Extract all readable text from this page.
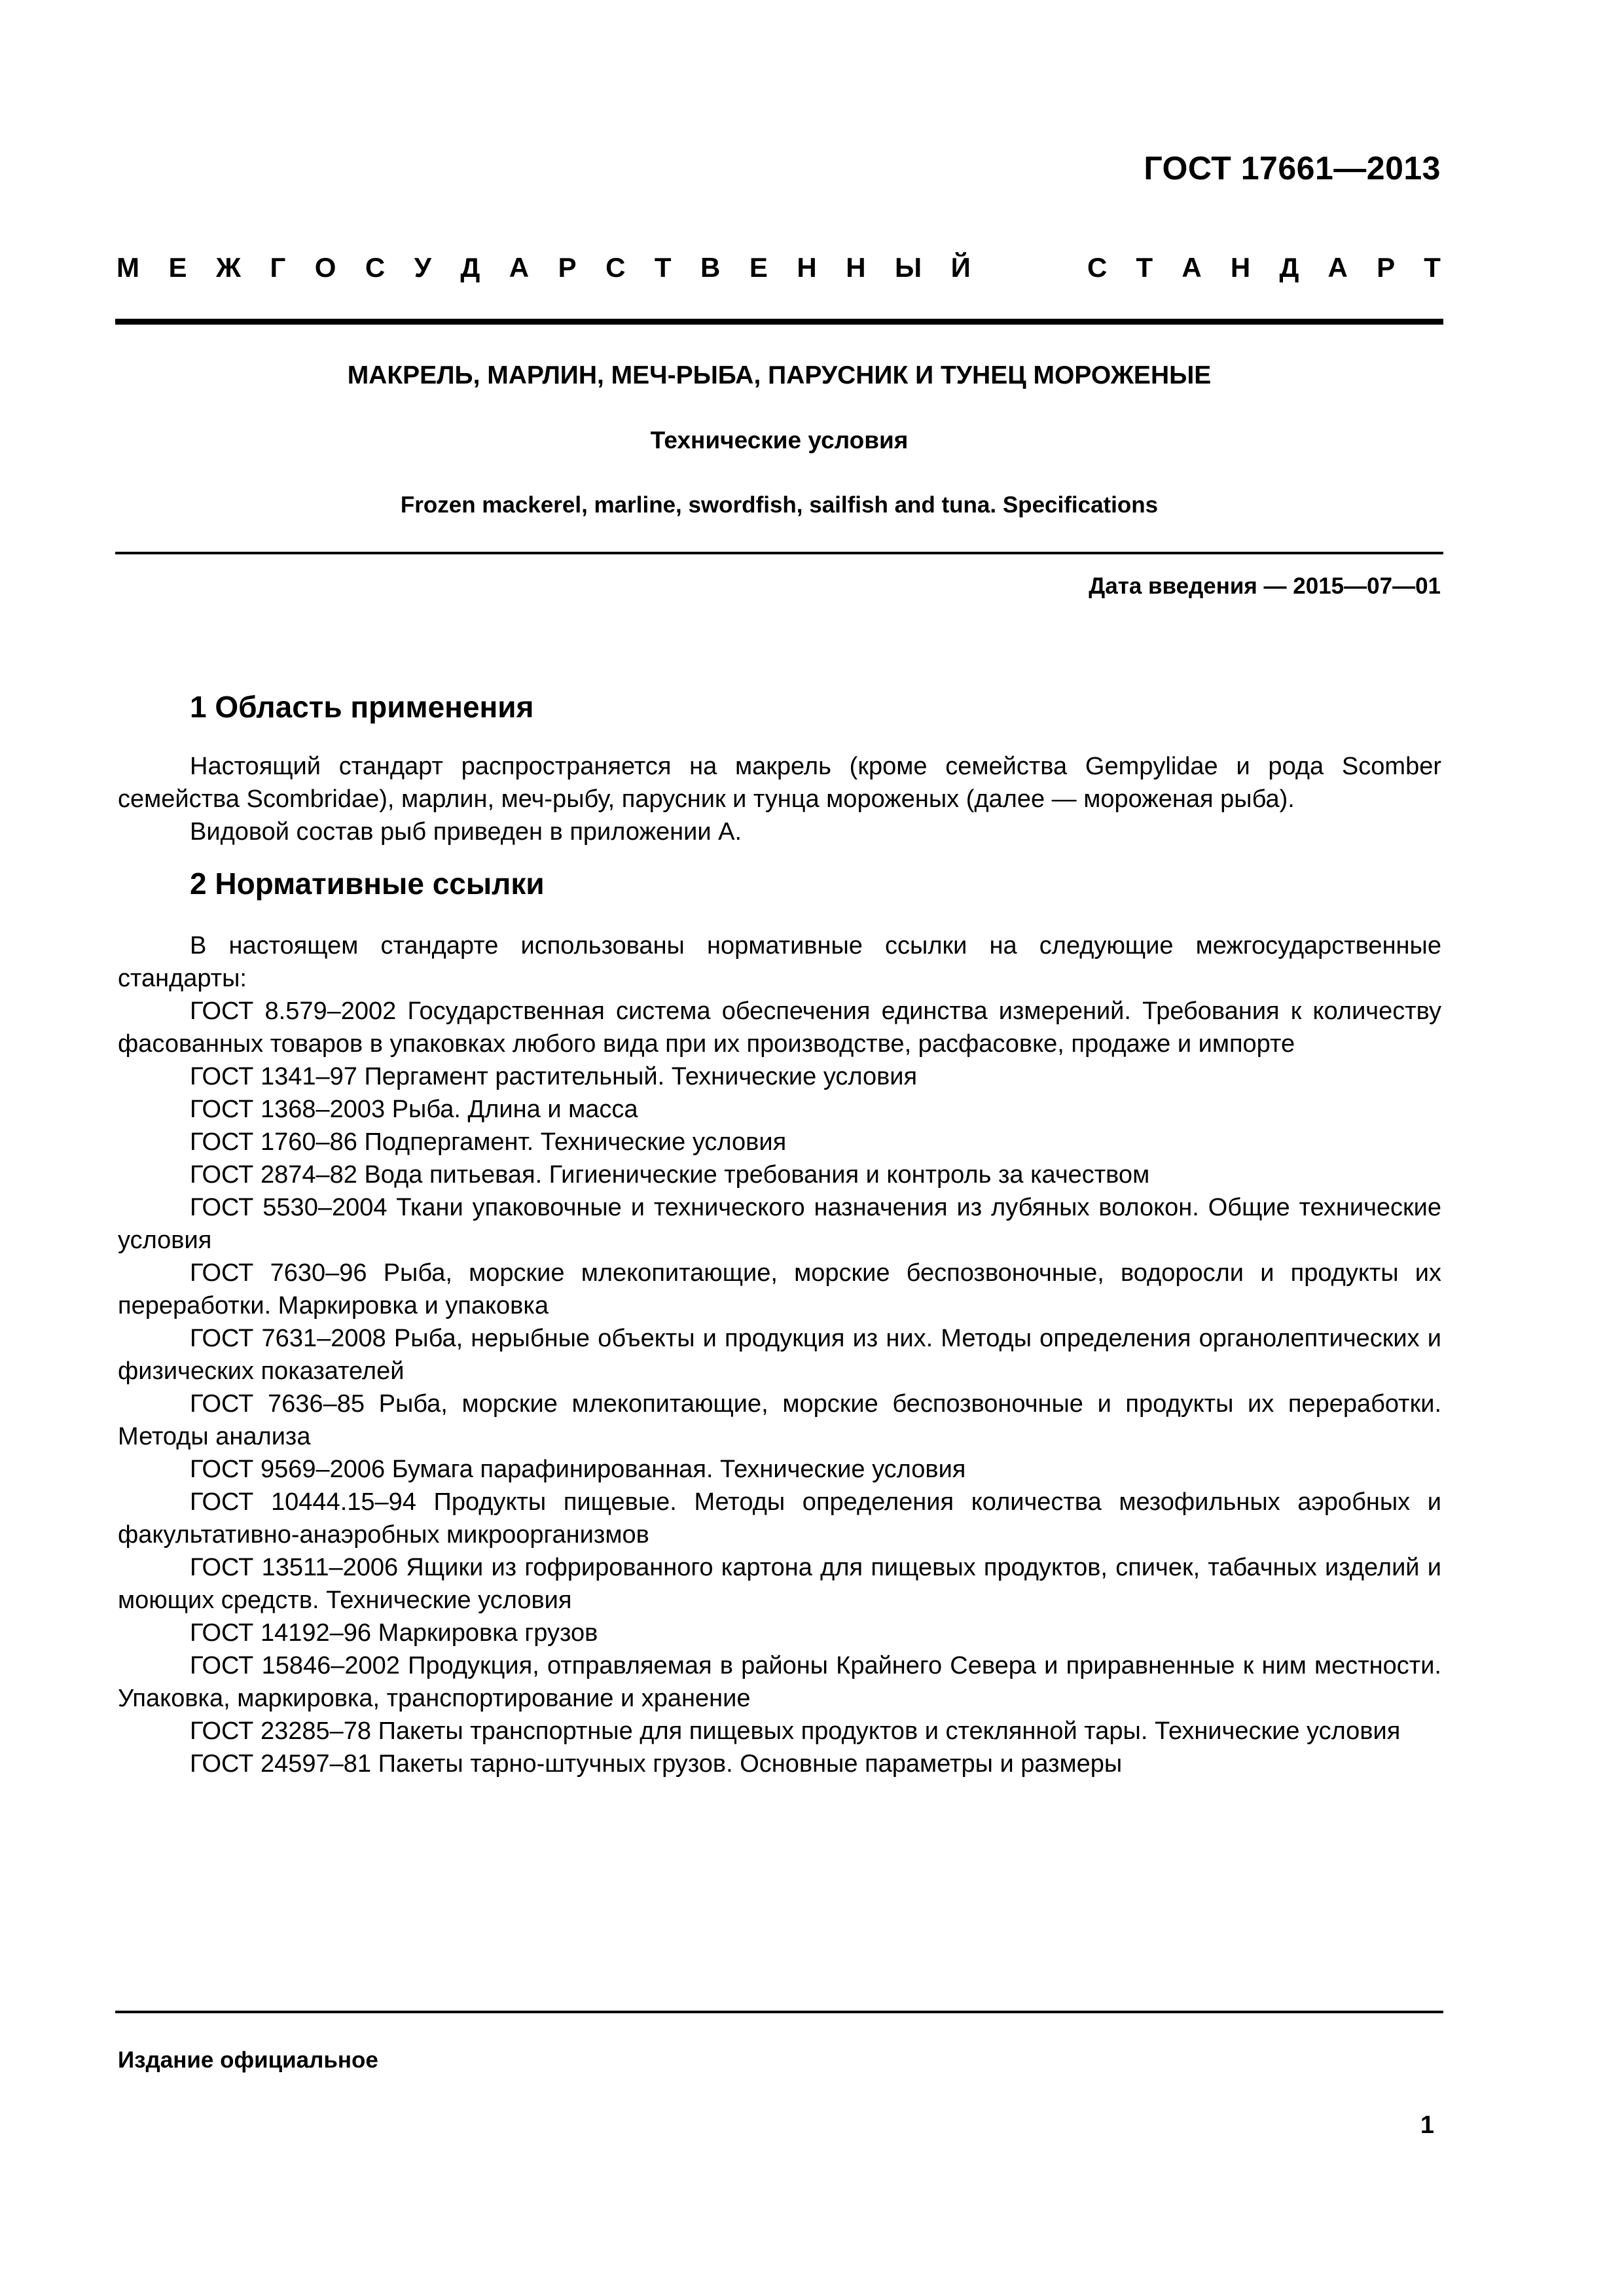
ГОСТ 17661—2013
М Е Ж Г О С У Д А Р С Т В Е Н Н Ы Й	С Т А Н Д А Р Т
МАКРЕЛЬ, МАРЛИН, МЕЧ-РЫБА, ПАРУСНИК И ТУНЕЦ МОРОЖЕНЫЕ
Технические условия
Frozen mackerel, marline, swordfish, sailfish and tuna. Specifications
Дата введения — 2015—07—01
1 Область применения

Настоящий стандарт распространяется на макрель (кроме семейства Gempylidae и рода Scomber семейства Scombridae), марлин, меч-рыбу, парусник и тунца мороженых (далее — мороженая рыба).

Видовой состав рыб приведен в приложении А.

2 Нормативные ссылки

В настоящем стандарте использованы нормативные ссылки на следующие межгосударственные стандарты:

ГОСТ 8.579–2002 Государственная система обеспечения единства измерений. Требования к количеству фасованных товаров в упаковках любого вида при их производстве, расфасовке, продаже и импорте

ГОСТ 1341–97 Пергамент растительный. Технические условия

ГОСТ 1368–2003 Рыба. Длина и масса

ГОСТ 1760–86 Подпергамент. Технические условия

ГОСТ 2874–82 Вода питьевая. Гигиенические требования и контроль за качеством

ГОСТ 5530–2004 Ткани упаковочные и технического назначения из лубяных волокон. Общие технические условия

ГОСТ 7630–96 Рыба, морские млекопитающие, морские беспозвоночные, водоросли и продукты их переработки. Маркировка и упаковка

ГОСТ 7631–2008 Рыба, нерыбные объекты и продукция из них. Методы определения органолептических и физических показателей

ГОСТ 7636–85 Рыба, морские млекопитающие, морские беспозвоночные и продукты их переработки. Методы анализа

ГОСТ 9569–2006 Бумага парафинированная. Технические условия

ГОСТ 10444.15–94 Продукты пищевые. Методы определения количества мезофильных аэробных и факультативно-анаэробных микроорганизмов

ГОСТ 13511–2006 Ящики из гофрированного картона для пищевых продуктов, спичек, табачных изделий и моющих средств. Технические условия

ГОСТ 14192–96 Маркировка грузов

ГОСТ 15846–2002 Продукция, отправляемая в районы Крайнего Севера и приравненные к ним местности. Упаковка, маркировка, транспортирование и хранение

ГОСТ 23285–78 Пакеты транспортные для пищевых продуктов и стеклянной тары. Технические условия

ГОСТ 24597–81 Пакеты тарно-штучных грузов. Основные параметры и размеры

Издание официальное
1
